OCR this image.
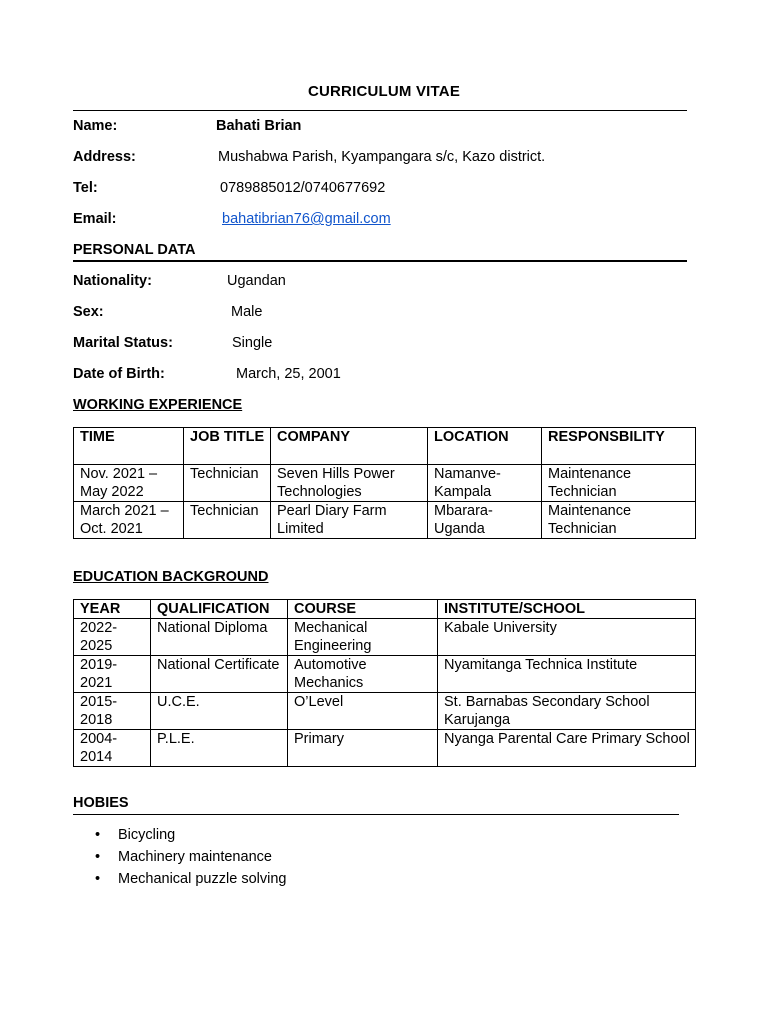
CURRICULUM VITAE
Name:	Bahati Brian
Address:	Mushabwa Parish, Kyampangara s/c, Kazo district.
Tel:	0789885012/0740677692
Email:	bahatibrian76@gmail.com
PERSONAL DATA
Nationality:	Ugandan
Sex:	Male
Marital Status:	Single
Date of Birth:	March, 25, 2001
WORKING EXPERIENCE
TIME	JOB TITLE	COMPANY	LOCATION	RESPONSBILITY
Nov. 2021 – May 2022	Technician	Seven Hills Power Technologies	Namanve-Kampala	Maintenance Technician
March 2021 – Oct. 2021	Technician	Pearl Diary Farm Limited	Mbarara-Uganda	Maintenance Technician
EDUCATION BACKGROUND
YEAR	QUALIFICATION	COURSE	INSTITUTE/SCHOOL
2022-2025	National Diploma	Mechanical Engineering	Kabale University
2019-2021	National Certificate	Automotive Mechanics	Nyamitanga Technica Institute
2015-2018	U.C.E.	O’Level	St. Barnabas Secondary School Karujanga
2004-2014	P.L.E.	Primary	Nyanga Parental Care Primary School
HOBIES
• Bicycling
• Machinery maintenance
• Mechanical puzzle solving
